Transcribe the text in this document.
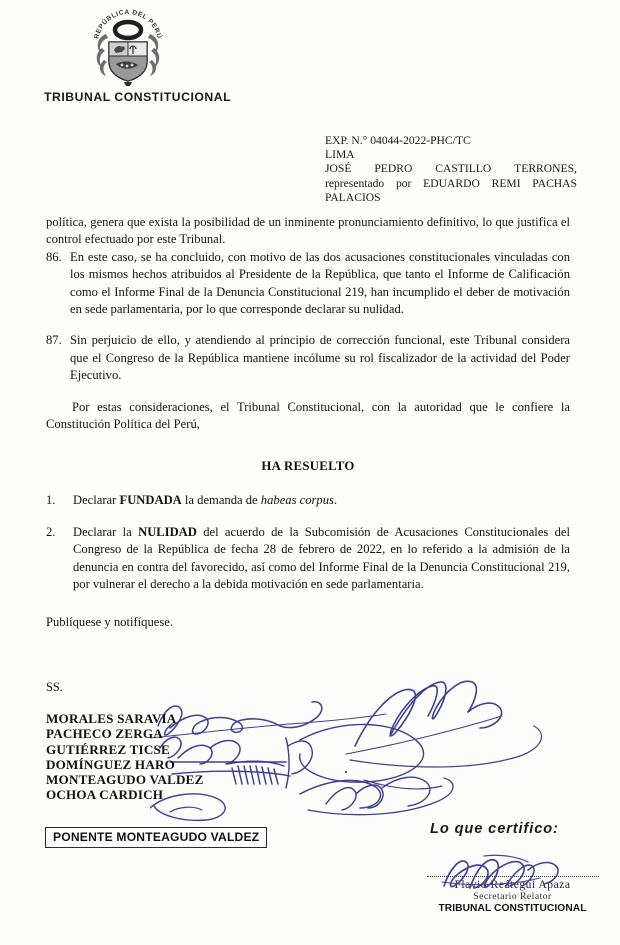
REPÚBLICA DEL PERÚ
TRIBUNAL CONSTITUCIONAL
EXP. N.° 04044-2022-PHC/TC
LIMA
JOSÉ PEDRO CASTILLO TERRONES,
representado por EDUARDO REMI PACHAS
PALACIOS

política, genera que exista la posibilidad de un inminente pronunciamiento definitivo, lo que justifica el control efectuado por este Tribunal.

86. En este caso, se ha concluido, con motivo de las dos acusaciones constitucionales vinculadas con los mismos hechos atribuidos al Presidente de la República, que tanto el Informe de Calificación como el Informe Final de la Denuncia Constitucional 219, han incumplido el deber de motivación en sede parlamentaria, por lo que corresponde declarar su nulidad.
87. Sin perjuicio de ello, y atendiendo al principio de corrección funcional, este Tribunal considera que el Congreso de la República mantiene incólume su rol fiscalizador de la actividad del Poder Ejecutivo.

Por estas consideraciones, el Tribunal Constitucional, con la autoridad que le confiere la Constitución Política del Perú,

HA RESUELTO
1.	Declarar FUNDADA la demanda de habeas corpus.
2.	Declarar la NULIDAD del acuerdo de la Subcomisión de Acusaciones Constitucionales del Congreso de la República de fecha 28 de febrero de 2022, en lo referido a la admisión de la denuncia en contra del favorecido, así como del Informe Final de la Denuncia Constitucional 219, por vulnerar el derecho a la debida motivación en sede parlamentaria.
Publíquese y notifíquese.
SS.
MORALES SARAVIA
PACHECO ZERGA
GUTIÉRREZ TICSE
DOMÍNGUEZ HARO
MONTEAGUDO VALDEZ
OCHOA CARDICH
PONENTE MONTEAGUDO VALDEZ	Lo que certifico:
Flavio Reátegui Apaza
Secretario Relator
TRIBUNAL CONSTITUCIONAL
